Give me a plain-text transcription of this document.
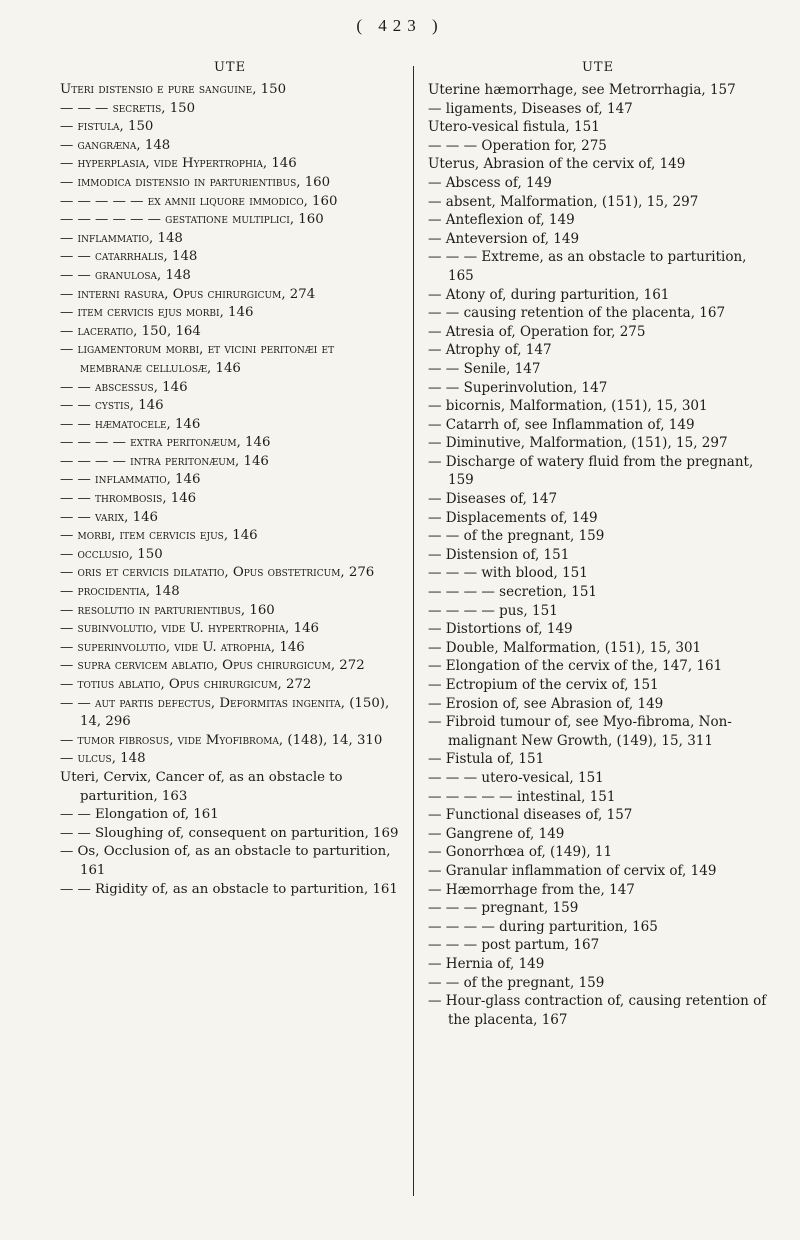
( 423 )
UTE
Uteri distensio e pure sanguine, 150
— — — secretis, 150
— fistula, 150
— gangræna, 148
— hyperplasia, vide Hypertrophia, 146
— immodica distensio in parturientibus, 160
— — — — — ex amnii liquore immodico, 160
— — — — — — gestatione multiplici, 160
— inflammatio, 148
— — catarrhalis, 148
— — granulosa, 148
— interni rasura, Opus chirurgicum, 274
— item cervicis ejus morbi, 146
— laceratio, 150, 164
— ligamentorum morbi, et vicini peritonæi et membranæ cellulosæ, 146
— — abscessus, 146
— — cystis, 146
— — hæmatocele, 146
— — — — extra peritonæum, 146
— — — — intra peritonæum, 146
— — inflammatio, 146
— — thrombosis, 146
— — varix, 146
— morbi, item cervicis ejus, 146
— occlusio, 150
— oris et cervicis dilatatio, Opus obstetricum, 276
— procidentia, 148
— resolutio in parturientibus, 160
— subinvolutio, vide U. hypertrophia, 146
— superinvolutio, vide U. atrophia, 146
— supra cervicem ablatio, Opus chirurgicum, 272
— totius ablatio, Opus chirurgicum, 272
— — aut partis defectus, Deformitas ingenita, (150), 14, 296
— tumor fibrosus, vide Myofibroma, (148), 14, 310
— ulcus, 148
Uteri, Cervix, Cancer of, as an obstacle to parturition, 163
— — Elongation of, 161
— — Sloughing of, consequent on parturition, 169
— Os, Occlusion of, as an obstacle to parturition, 161
— — Rigidity of, as an obstacle to parturition, 161
UTE
Uterine hæmorrhage, see Metrorrhagia, 157
— ligaments, Diseases of, 147
Utero-vesical fistula, 151
— — — Operation for, 275
Uterus, Abrasion of the cervix of, 149
— Abscess of, 149
— absent, Malformation, (151), 15, 297
— Anteflexion of, 149
— Anteversion of, 149
— — — Extreme, as an obstacle to parturition, 165
— Atony of, during parturition, 161
— — causing retention of the placenta, 167
— Atresia of, Operation for, 275
— Atrophy of, 147
— — Senile, 147
— — Superinvolution, 147
— bicornis, Malformation, (151), 15, 301
— Catarrh of, see Inflammation of, 149
— Diminutive, Malformation, (151), 15, 297
— Discharge of watery fluid from the pregnant, 159
— Diseases of, 147
— Displacements of, 149
— — of the pregnant, 159
— Distension of, 151
— — — with blood, 151
— — — — secretion, 151
— — — — pus, 151
— Distortions of, 149
— Double, Malformation, (151), 15, 301
— Elongation of the cervix of the, 147, 161
— Ectropium of the cervix of, 151
— Erosion of, see Abrasion of, 149
— Fibroid tumour of, see Myo-fibroma, Non-malignant New Growth, (149), 15, 311
— Fistula of, 151
— — — utero-vesical, 151
— — — — — intestinal, 151
— Functional diseases of, 157
— Gangrene of, 149
— Gonorrhœa of, (149), 11
— Granular inflammation of cervix of, 149
— Hæmorrhage from the, 147
— — — pregnant, 159
— — — — during parturition, 165
— — — post partum, 167
— Hernia of, 149
— — of the pregnant, 159
— Hour-glass contraction of, causing retention of the placenta, 167
